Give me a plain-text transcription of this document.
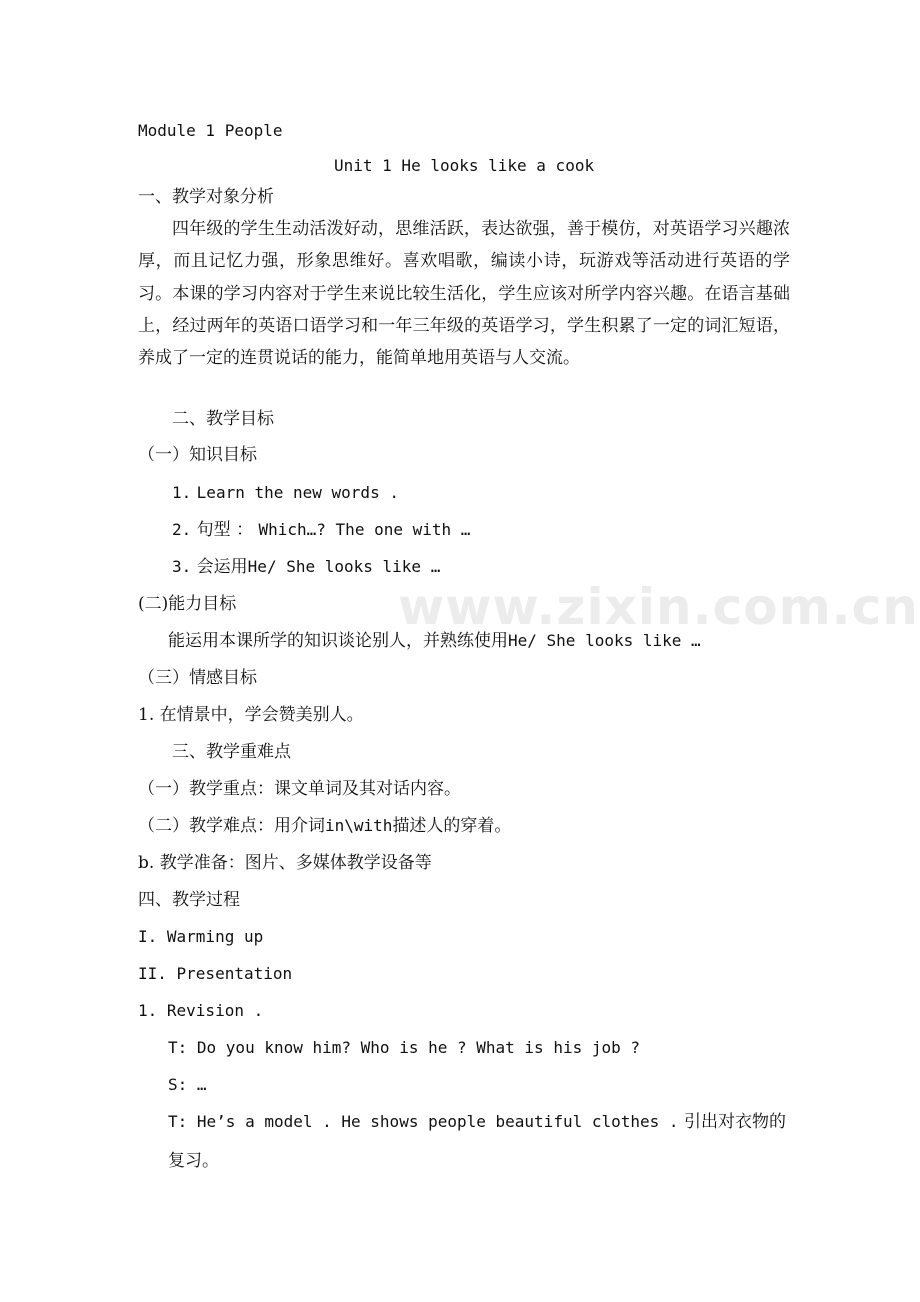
www.zixin.com.cn
Module 1 People
Unit 1 He looks like a cook
一、教学对象分析
四年级的学生生动活泼好动，思维活跃，表达欲强，善于模仿，对英语学习兴趣浓厚，而且记忆力强，形象思维好。喜欢唱歌，编读小诗，玩游戏等活动进行英语的学习。本课的学习内容对于学生来说比较生活化，学生应该对所学内容兴趣。在语言基础上，经过两年的英语口语学习和一年三年级的英语学习，学生积累了一定的词汇短语，养成了一定的连贯说话的能力，能简单地用英语与人交流。
二、教学目标
（一）知识目标
1. Learn the new words .
2. 句型 ： Which…? The one with …
3. 会运用He/ She looks like …
(二)能力目标
能运用本课所学的知识谈论别人，并熟练使用He/ She looks like …
（三）情感目标
1. 在情景中，学会赞美别人。
三、教学重难点
（一）教学重点：课文单词及其对话内容。
（二）教学难点：用介词in\with描述人的穿着。
b. 教学准备：图片、多媒体教学设备等
四、教学过程
I. Warming up
II. Presentation
1. Revision .
T: Do you know him? Who is he ? What is his job ?
S: …
T: He’s a model . He shows people beautiful clothes . 引出对衣物的
复习。
